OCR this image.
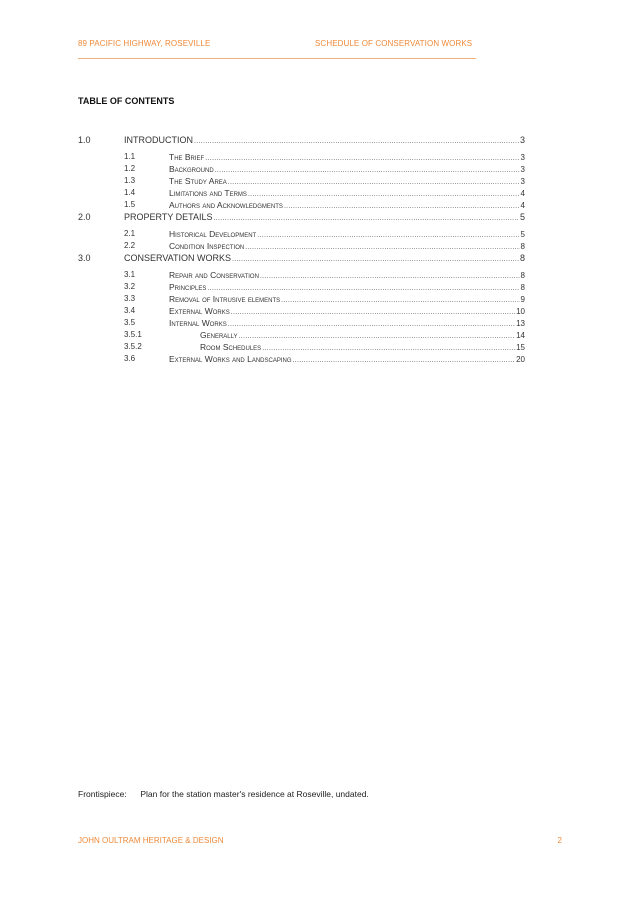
89 PACIFIC HIGHWAY, ROSEVILLE	SCHEDULE OF CONSERVATION WORKS
TABLE OF CONTENTS
1.0	INTRODUCTION .....	3
1.1	The Brief .....	3
1.2	Background .....	3
1.3	The Study Area .....	3
1.4	Limitations and Terms .....	4
1.5	Authors and Acknowledgments .....	4
2.0	PROPERTY DETAILS .....	5
2.1	Historical Development .....	5
2.2	Condition Inspection .....	8
3.0	CONSERVATION WORKS .....	8
3.1	Repair and Conservation .....	8
3.2	Principles .....	8
3.3	Removal of Intrusive elements .....	9
3.4	External Works .....	10
3.5	Internal Works .....	13
3.5.1	Generally .....	14
3.5.2	Room Schedules .....	15
3.6	External Works and Landscaping .....	20
Frontispiece: Plan for the station master's residence at Roseville, undated.
JOHN OULTRAM HERITAGE & DESIGN	2
